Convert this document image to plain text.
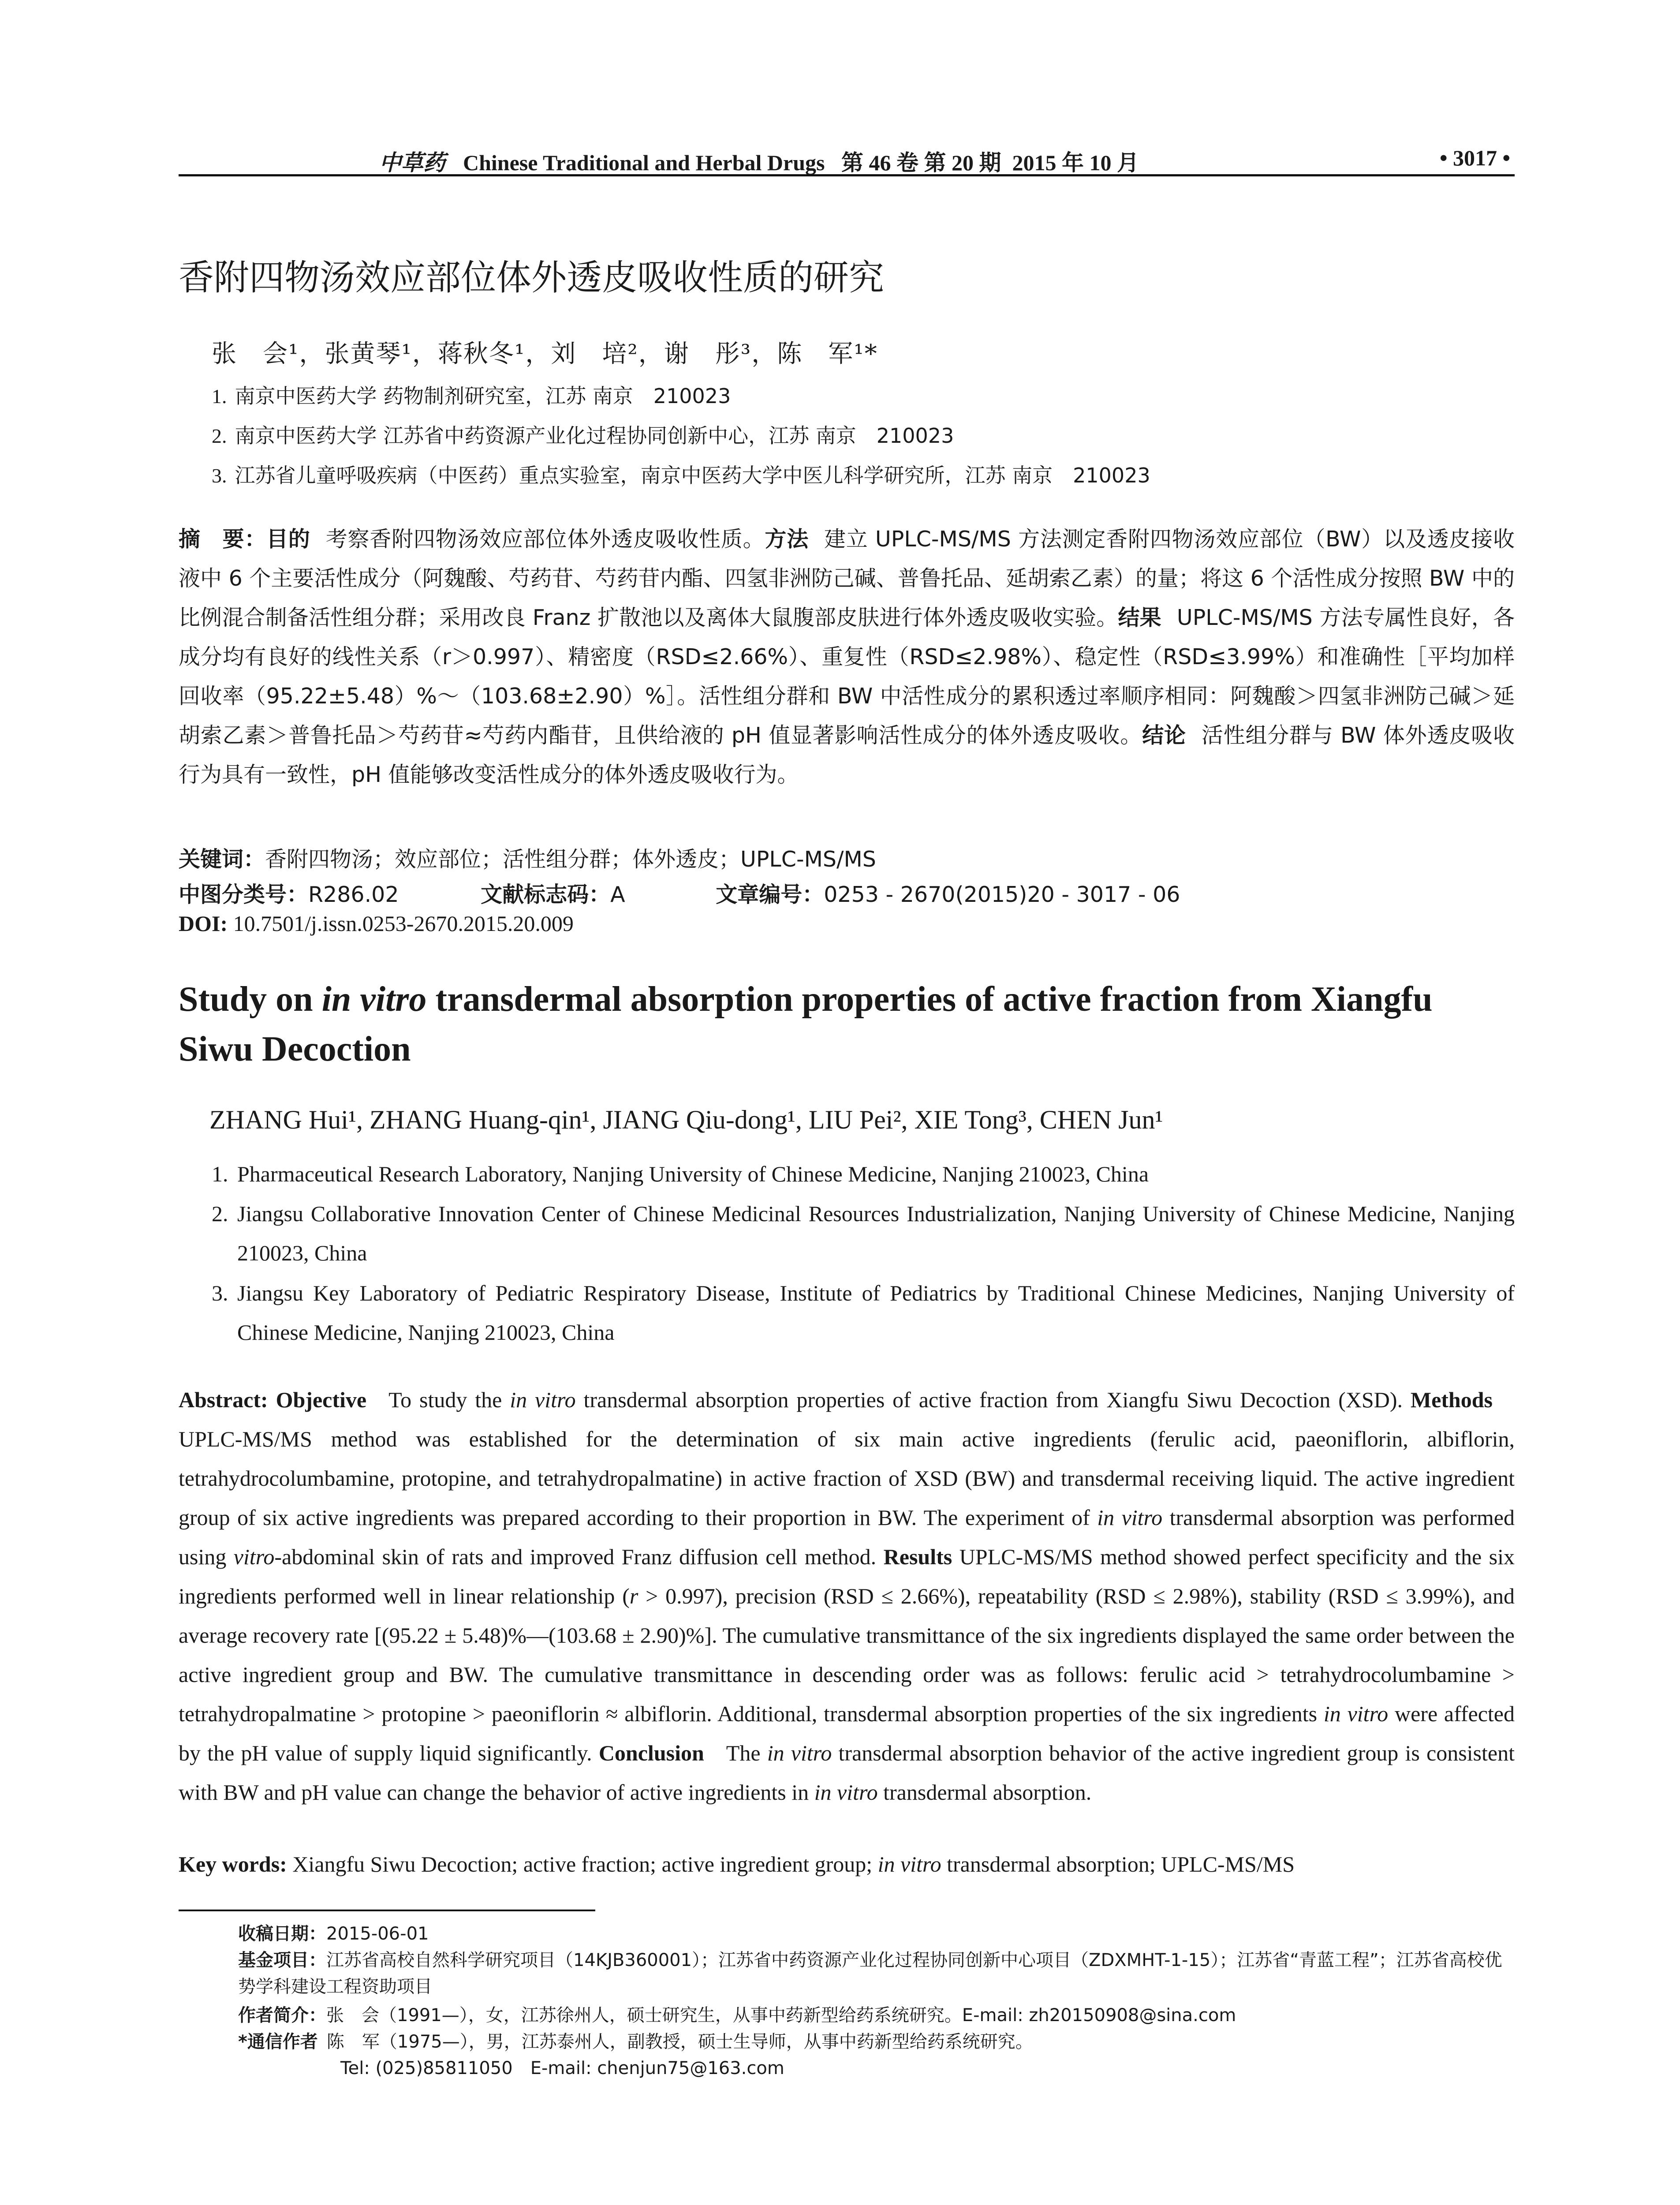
中草药 Chinese Traditional and Herbal Drugs   第 46 卷 第 20 期  2015 年 10 月	• 3017 •
香附四物汤效应部位体外透皮吸收性质的研究
张　会¹，张黄琴¹，蒋秋冬¹，刘　培²，谢　彤³，陈　军¹*
1. 南京中医药大学 药物制剂研究室，江苏 南京　210023
2. 南京中医药大学 江苏省中药资源产业化过程协同创新中心，江苏 南京　210023
3. 江苏省儿童呼吸疾病（中医药）重点实验室，南京中医药大学中医儿科学研究所，江苏 南京　210023
摘　要：目的 考察香附四物汤效应部位体外透皮吸收性质。方法 建立 UPLC-MS/MS 方法测定香附四物汤效应部位（BW）以及透皮接收液中 6 个主要活性成分（阿魏酸、芍药苷、芍药苷内酯、四氢非洲防己碱、普鲁托品、延胡索乙素）的量；将这 6 个活性成分按照 BW 中的比例混合制备活性组分群；采用改良 Franz 扩散池以及离体大鼠腹部皮肤进行体外透皮吸收实验。结果 UPLC-MS/MS 方法专属性良好，各成分均有良好的线性关系（r＞0.997）、精密度（RSD≤2.66%）、重复性（RSD≤2.98%）、稳定性（RSD≤3.99%）和准确性［平均加样回收率（95.22±5.48）%～（103.68±2.90）%］。活性组分群和 BW 中活性成分的累积透过率顺序相同：阿魏酸＞四氢非洲防己碱＞延胡索乙素＞普鲁托品＞芍药苷≈芍药内酯苷，且供给液的 pH 值显著影响活性成分的体外透皮吸收。结论 活性组分群与 BW 体外透皮吸收行为具有一致性，pH 值能够改变活性成分的体外透皮吸收行为。
关键词：香附四物汤；效应部位；活性组分群；体外透皮；UPLC-MS/MS
中图分类号：R286.02	文献标志码：A	文章编号：0253 - 2670(2015)20 - 3017 - 06
DOI: 10.7501/j.issn.0253-2670.2015.20.009
Study on in vitro transdermal absorption properties of active fraction from Xiangfu Siwu Decoction
ZHANG Hui¹, ZHANG Huang-qin¹, JIANG Qiu-dong¹, LIU Pei², XIE Tong³, CHEN Jun¹
1. Pharmaceutical Research Laboratory, Nanjing University of Chinese Medicine, Nanjing 210023, China
2. Jiangsu Collaborative Innovation Center of Chinese Medicinal Resources Industrialization, Nanjing University of Chinese Medicine, Nanjing 210023, China
3. Jiangsu Key Laboratory of Pediatric Respiratory Disease, Institute of Pediatrics by Traditional Chinese Medicines, Nanjing University of Chinese Medicine, Nanjing 210023, China
Abstract: Objective  To study the in vitro transdermal absorption properties of active fraction from Xiangfu Siwu Decoction (XSD). Methods UPLC-MS/MS method was established for the determination of six main active ingredients (ferulic acid, paeoniflorin, albiflorin, tetrahydrocolumbamine, protopine, and tetrahydropalmatine) in active fraction of XSD (BW) and transdermal receiving liquid. The active ingredient group of six active ingredients was prepared according to their proportion in BW. The experiment of in vitro transdermal absorption was performed using vitro-abdominal skin of rats and improved Franz diffusion cell method. Results UPLC-MS/MS method showed perfect specificity and the six ingredients performed well in linear relationship (r > 0.997), precision (RSD ≤ 2.66%), repeatability (RSD ≤ 2.98%), stability (RSD ≤ 3.99%), and average recovery rate [(95.22 ± 5.48)%—(103.68 ± 2.90)%]. The cumulative transmittance of the six ingredients displayed the same order between the active ingredient group and BW. The cumulative transmittance in descending order was as follows: ferulic acid > tetrahydrocolumbamine > tetrahydropalmatine > protopine > paeoniflorin ≈ albiflorin. Additional, transdermal absorption properties of the six ingredients in vitro were affected by the pH value of supply liquid significantly. Conclusion  The in vitro transdermal absorption behavior of the active ingredient group is consistent with BW and pH value can change the behavior of active ingredients in in vitro transdermal absorption.
Key words: Xiangfu Siwu Decoction; active fraction; active ingredient group; in vitro transdermal absorption; UPLC-MS/MS
收稿日期：2015-06-01
基金项目：江苏省高校自然科学研究项目（14KJB360001）；江苏省中药资源产业化过程协同创新中心项目（ZDXMHT-1-15）；江苏省“青蓝工程”；江苏省高校优势学科建设工程资助项目
作者简介：张　会（1991—），女，江苏徐州人，硕士研究生，从事中药新型给药系统研究。E-mail: zh20150908@sina.com
*通信作者  陈　军（1975—），男，江苏泰州人，副教授，硕士生导师，从事中药新型给药系统研究。
Tel: (025)85811050　E-mail: chenjun75@163.com
